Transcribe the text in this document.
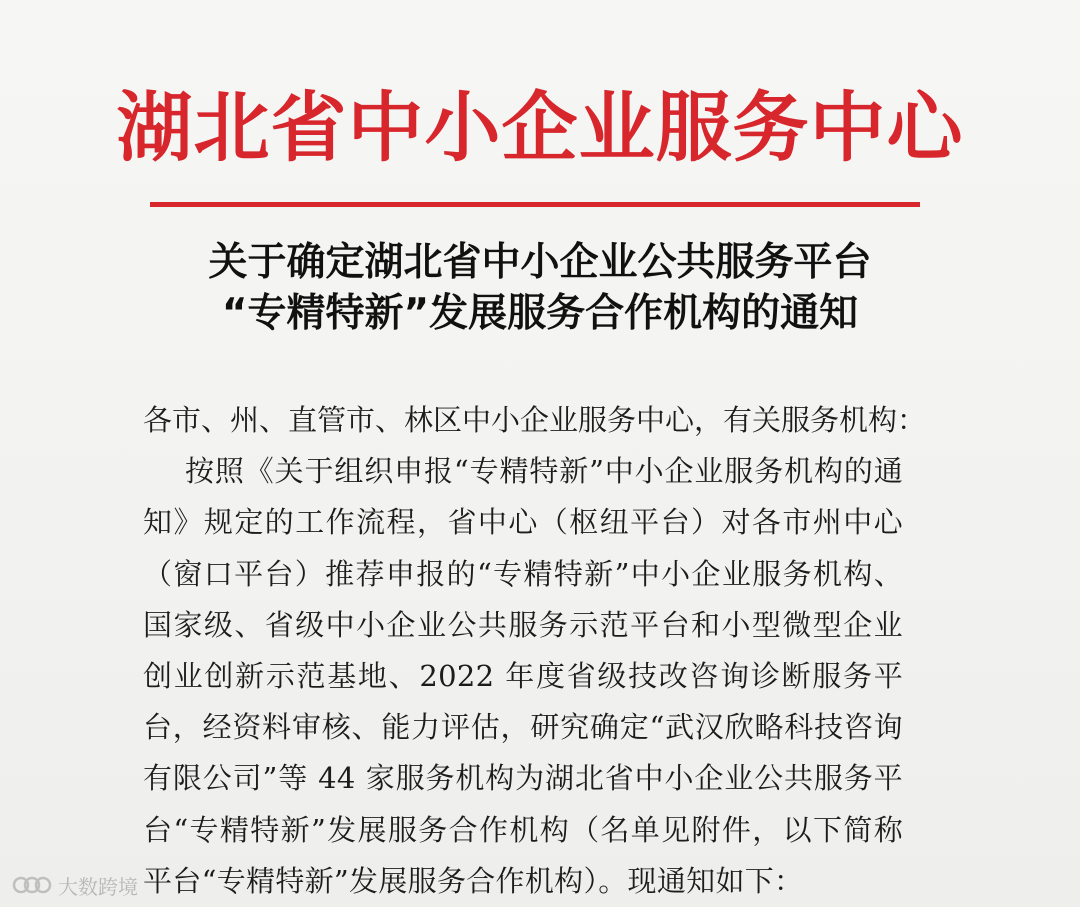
湖北省中小企业服务中心
关于确定湖北省中小企业公共服务平台
“专精特新”发展服务合作机构的通知

各市、州、直管市、林区中小企业服务中心，有关服务机构：

按照《关于组织申报“专精特新”中小企业服务机构的通知》规定的工作流程，省中心（枢纽平台）对各市州中心（窗口平台）推荐申报的“专精特新”中小企业服务机构、国家级、省级中小企业公共服务示范平台和小型微型企业创业创新示范基地、2022 年度省级技改咨询诊断服务平台，经资料审核、能力评估，研究确定“武汉欣略科技咨询有限公司”等 44 家服务机构为湖北省中小企业公共服务平台“专精特新”发展服务合作机构（名单见附件，以下简称平台“专精特新”发展服务合作机构）。现通知如下：

大数跨境
